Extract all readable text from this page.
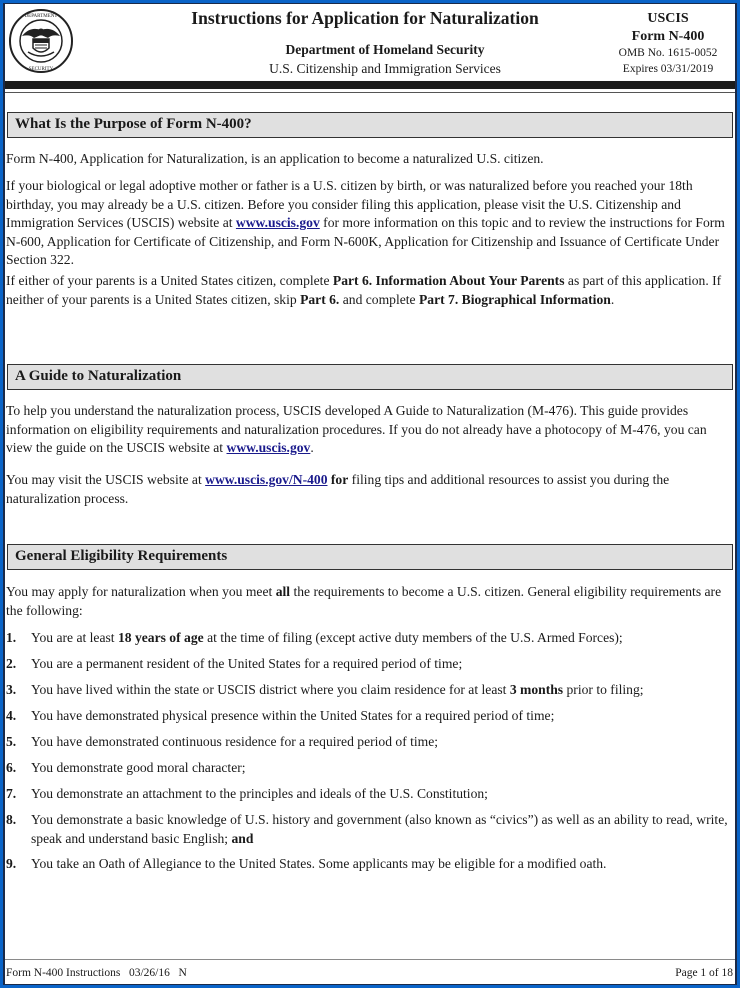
DEPARTMENT
SECURITY
Instructions for Application for Naturalization
Department of Homeland Security
U.S. Citizenship and Immigration Services
USCIS
Form N-400
OMB No. 1615-0052
Expires 03/31/2019
What Is the Purpose of Form N-400?
Form N-400, Application for Naturalization, is an application to become a naturalized U.S. citizen.
If your biological or legal adoptive mother or father is a U.S. citizen by birth, or was naturalized before you reached your 18th birthday, you may already be a U.S. citizen. Before you consider filing this application, please visit the U.S. Citizenship and Immigration Services (USCIS) website at www.uscis.gov for more information on this topic and to review the instructions for Form N-600, Application for Certificate of Citizenship, and Form N-600K, Application for Citizenship and Issuance of Certificate Under Section 322.
If either of your parents is a United States citizen, complete Part 6. Information About Your Parents as part of this application. If neither of your parents is a United States citizen, skip Part 6. and complete Part 7. Biographical Information.
A Guide to Naturalization
To help you understand the naturalization process, USCIS developed A Guide to Naturalization (M-476). This guide provides information on eligibility requirements and naturalization procedures. If you do not already have a photocopy of M-476, you can view the guide on the USCIS website at www.uscis.gov.
You may visit the USCIS website at www.uscis.gov/N-400 for filing tips and additional resources to assist you during the naturalization process.
General Eligibility Requirements
You may apply for naturalization when you meet all the requirements to become a U.S. citizen. General eligibility requirements are the following:
1.	You are at least 18 years of age at the time of filing (except active duty members of the U.S. Armed Forces);
2.	You are a permanent resident of the United States for a required period of time;
3.	You have lived within the state or USCIS district where you claim residence for at least 3 months prior to filing;
4.	You have demonstrated physical presence within the United States for a required period of time;
5.	You have demonstrated continuous residence for a required period of time;
6.	You demonstrate good moral character;
7.	You demonstrate an attachment to the principles and ideals of the U.S. Constitution;
8.	You demonstrate a basic knowledge of U.S. history and government (also known as “civics”) as well as an ability to read, write, speak and understand basic English; and
9.	You take an Oath of Allegiance to the United States. Some applicants may be eligible for a modified oath.
Form N-400 Instructions   03/26/16   N	Page 1 of 18
